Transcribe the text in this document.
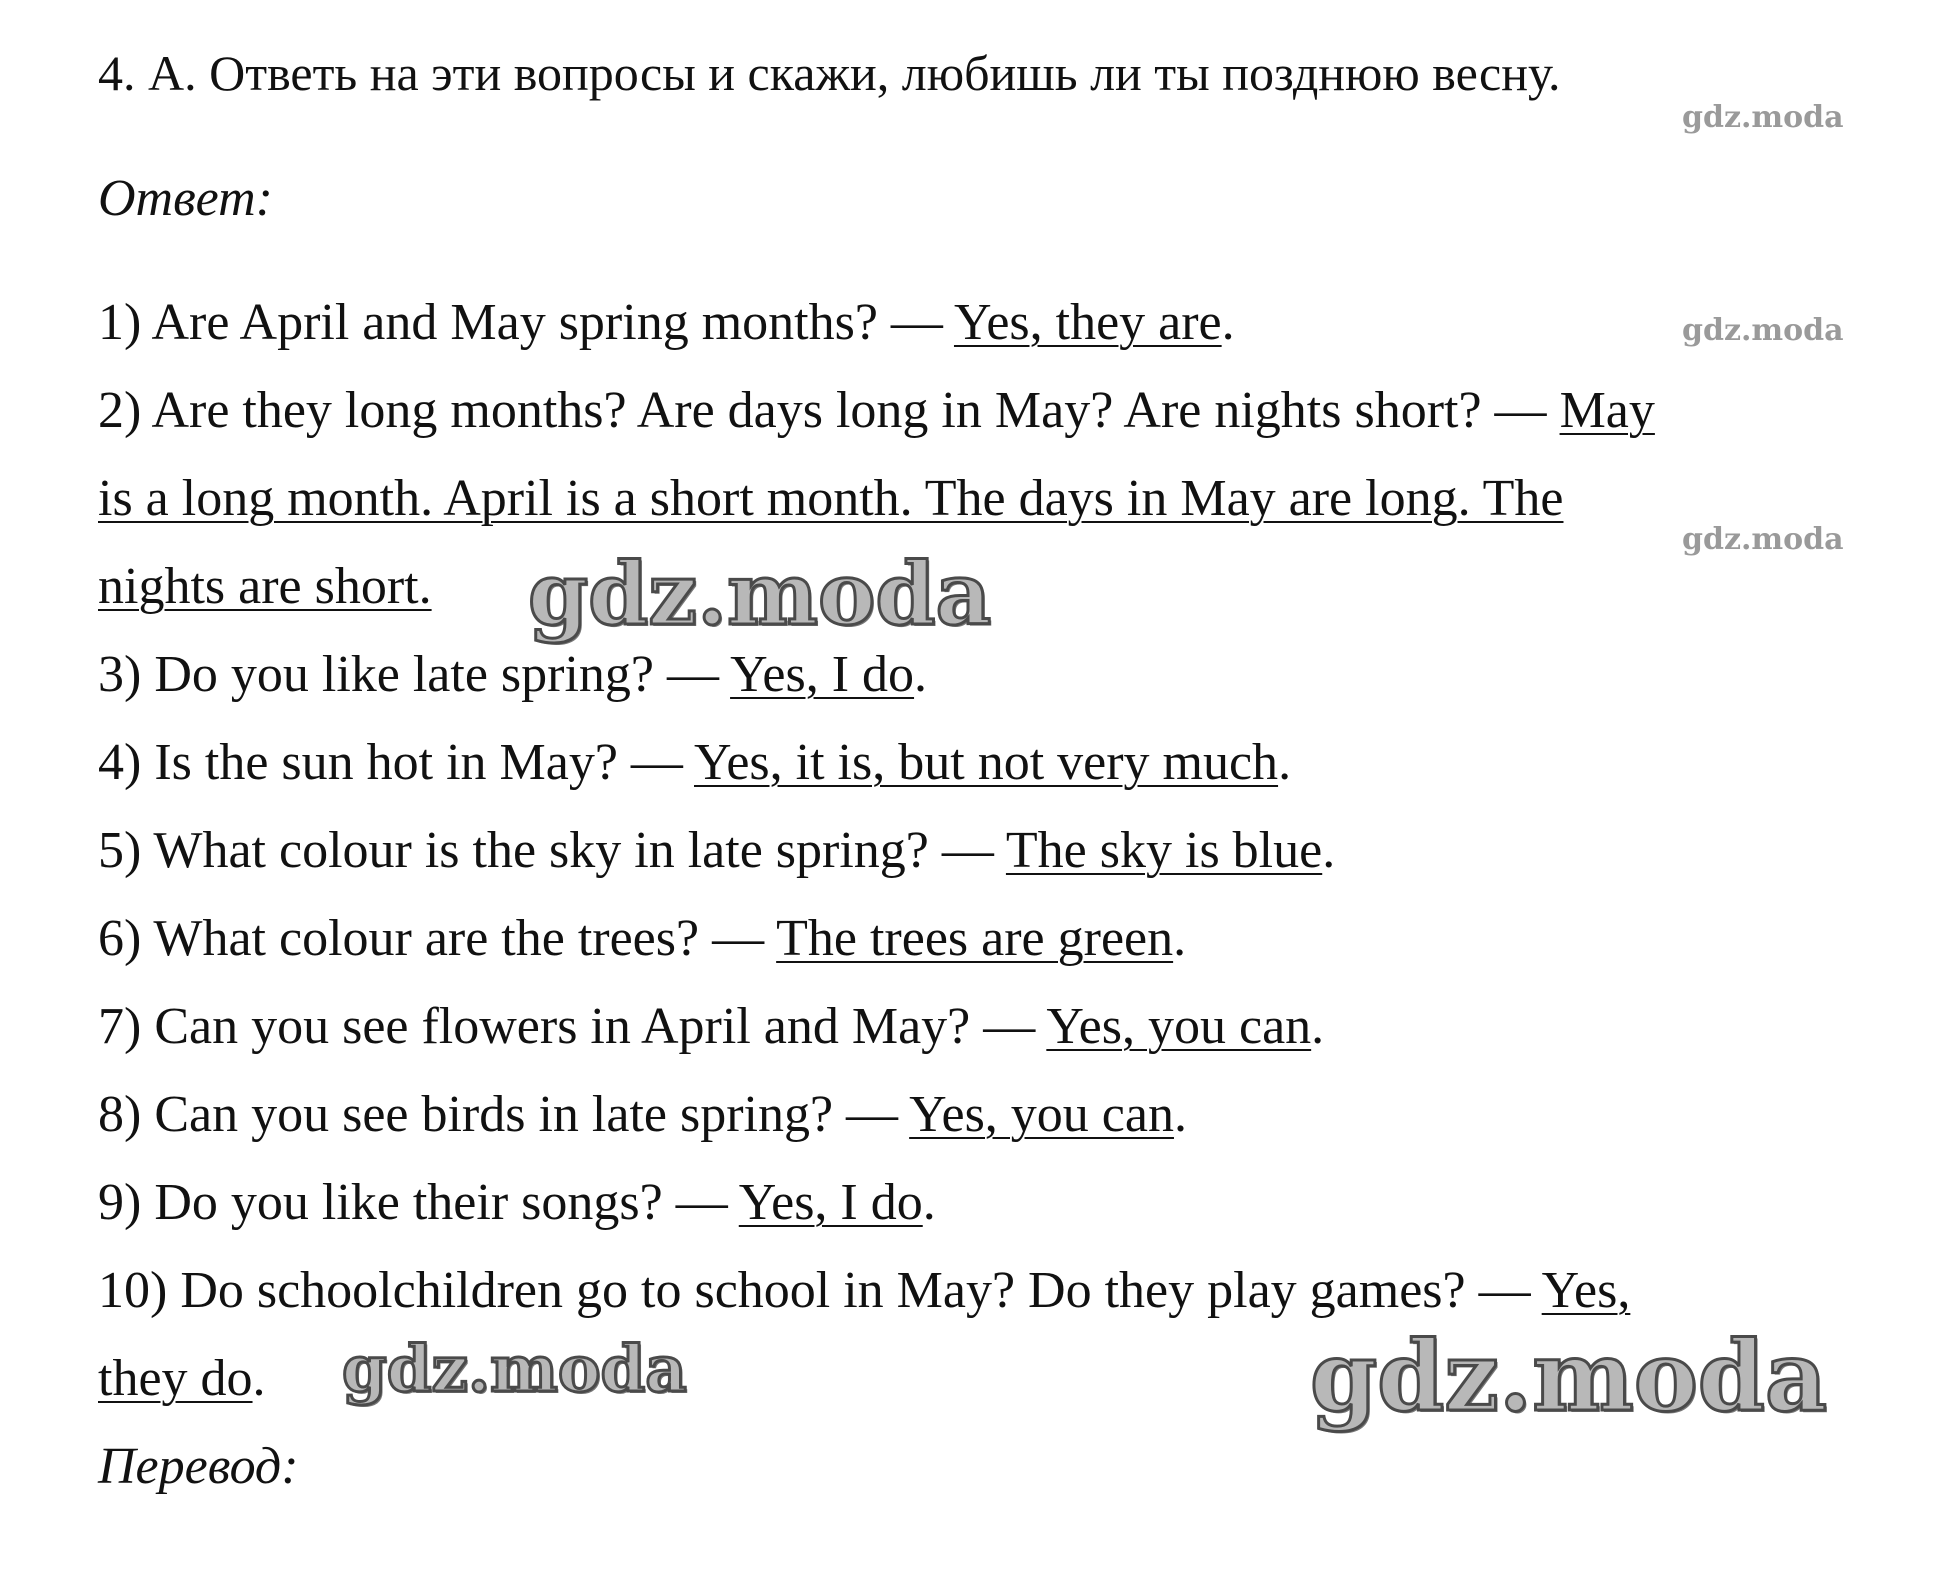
4. А. Ответь на эти вопросы и скажи, любишь ли ты позднюю весну.

Ответ:

1) Are April and May spring months? — Yes, they are.

2) Are they long months? Are days long in May? Are nights short? — May

is a long month. April is a short month. The days in May are long. The

nights are short.

3) Do you like late spring? — Yes, I do.

4) Is the sun hot in May? — Yes, it is, but not very much.

5) What colour is the sky in late spring? — The sky is blue.

6) What colour are the trees? — The trees are green.

7) Can you see flowers in April and May? — Yes, you can.

8) Can you see birds in late spring? — Yes, you can.

9) Do you like their songs? — Yes, I do.

10) Do schoolchildren go to school in May? Do they play games? — Yes,

they do.

Перевод:

gdz.moda
gdz.moda
gdz.moda
gdz.moda
gdz.moda	gdz.moda
